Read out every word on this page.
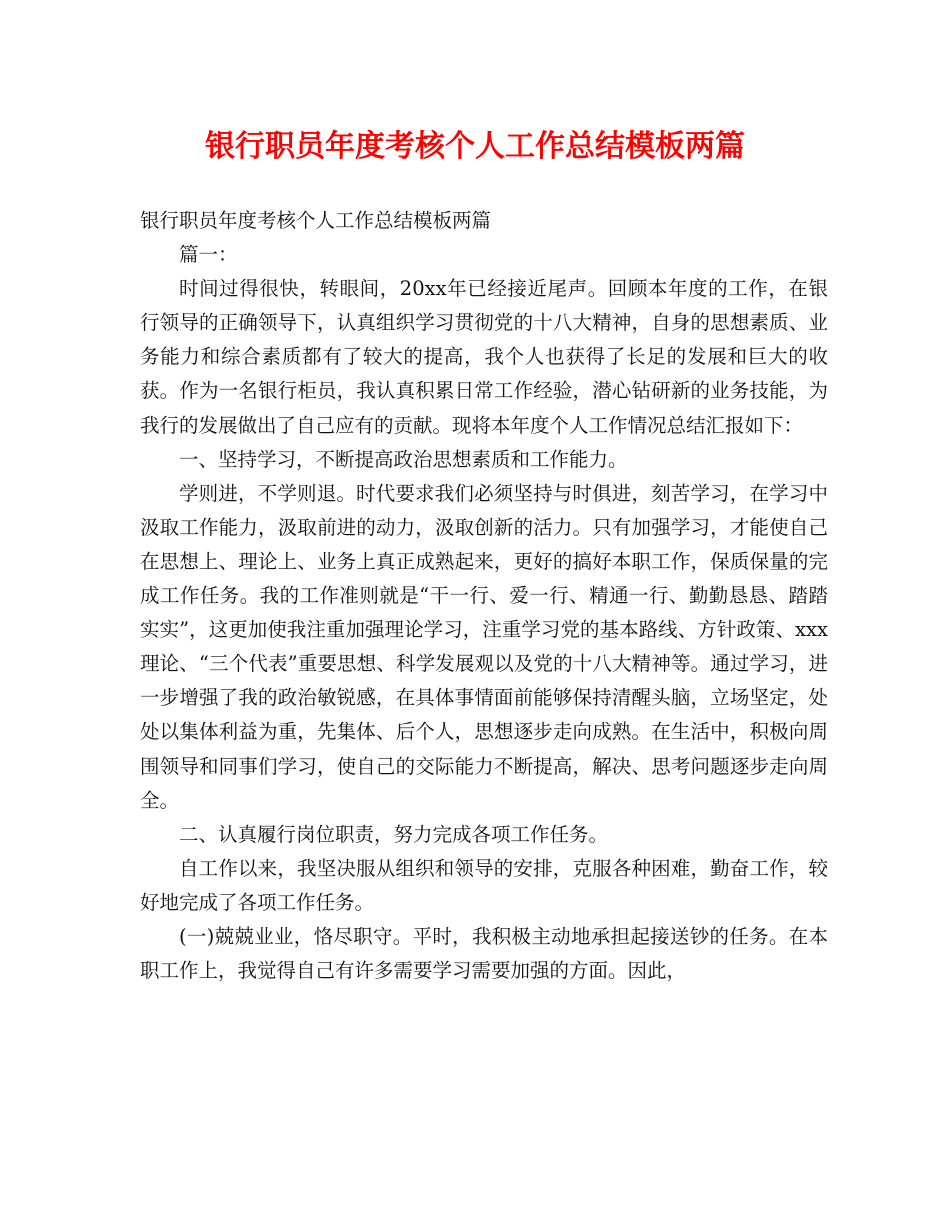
银行职员年度考核个人工作总结模板两篇

银行职员年度考核个人工作总结模板两篇

篇一：

时间过得很快，转眼间，20xx年已经接近尾声。回顾本年度的工作，在银行领导的正确领导下，认真组织学习贯彻党的十八大精神，自身的思想素质、业务能力和综合素质都有了较大的提高，我个人也获得了长足的发展和巨大的收获。作为一名银行柜员，我认真积累日常工作经验，潜心钻研新的业务技能，为我行的发展做出了自己应有的贡献。现将本年度个人工作情况总结汇报如下：

一、坚持学习，不断提高政治思想素质和工作能力。

学则进，不学则退。时代要求我们必须坚持与时俱进，刻苦学习，在学习中汲取工作能力，汲取前进的动力，汲取创新的活力。只有加强学习，才能使自己在思想上、理论上、业务上真正成熟起来，更好的搞好本职工作，保质保量的完成工作任务。我的工作准则就是“干一行、爱一行、精通一行、勤勤恳恳、踏踏实实”，这更加使我注重加强理论学习，注重学习党的基本路线、方针政策、xxx理论、“三个代表”重要思想、科学发展观以及党的十八大精神等。通过学习，进一步增强了我的政治敏锐感，在具体事情面前能够保持清醒头脑，立场坚定，处处以集体利益为重，先集体、后个人，思想逐步走向成熟。在生活中，积极向周围领导和同事们学习，使自己的交际能力不断提高，解决、思考问题逐步走向周全。

二、认真履行岗位职责，努力完成各项工作任务。

自工作以来，我坚决服从组织和领导的安排，克服各种困难，勤奋工作，较好地完成了各项工作任务。

(一)兢兢业业，恪尽职守。平时，我积极主动地承担起接送钞的任务。在本职工作上，我觉得自己有许多需要学习需要加强的方面。因此，
